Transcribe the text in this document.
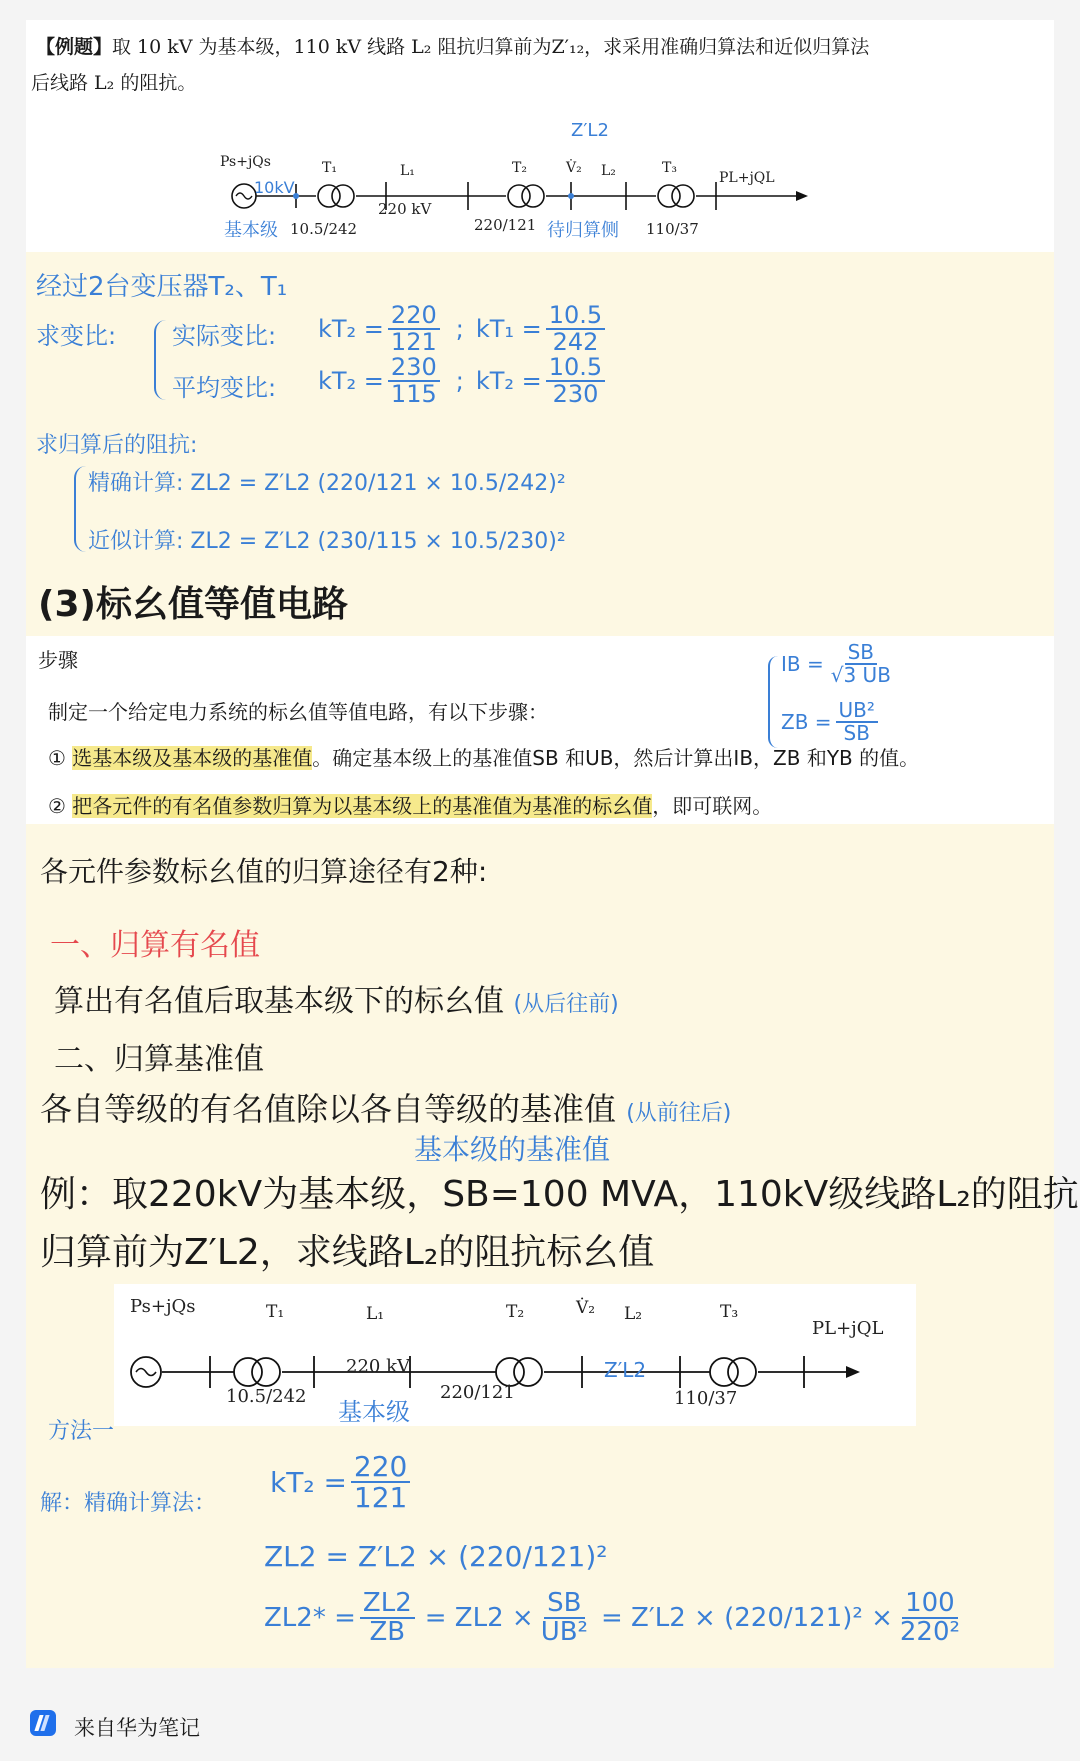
【例题】取 10 kV 为基本级，110 kV 线路 L₂ 阻抗归算前为Z′₁₂，求采用准确归算法和近似归算法
后线路 L₂ 的阻抗。
Ps+jQs
10kV
T₁	L₁
220 kV
T₂	V̇₂ L₂	T₃
PL+jQL
Z′L2
基本级 10.5/242	220/121 待归算侧 110/37
经过2台变压器T₂、T₁
求变比: 实际变比: $kT_2 = \frac{220}{121}$ ; $kT_1 = \frac{10.5}{242}$
平均变比: $kT_2 = \frac{230}{115}$ ; $kT_2 = \frac{10.5}{230}$
求归算后的阻抗:
精确计算: ZL2 = Z′L2 (220/121 × 10.5/242)²
近似计算: ZL2 = Z′L2 (230/115 × 10.5/230)²
(3)标幺值等值电路
步骤
制定一个给定电力系统的标幺值等值电路，有以下步骤：
① 选基本级及基本级的基准值。确定基本级上的基准值SB 和UB，然后计算出IB，ZB 和YB 的值。
② 把各元件的有名值参数归算为以基本级上的基准值为基准的标幺值，即可联网。
IB = $\frac{SB}{√3 UB}$
ZB = $\frac{\text{UB²}}{SB}$
各元件参数标幺值的归算途径有2种:
一、归算有名值
算出有名值后取基本级下的标幺值 (从后往前)
二、归算基准值
各自等级的有名值除以各自等级的基准值 (从前往后)
基本级的基准值
例：取220kV为基本级，SB=100 MVA，110kV级线路L₂的阻抗
归算前为Z′L2，求线路L₂的阻抗标幺值
Ps+jQs	T₁	L₁
220 kV
T₂	V̇₂ L₂	T₃
PL+jQL
Z′L2
10.5/242
基本级
220/121	110/37
方法一
解：精确计算法：
$kT_2 = \frac{220}{121}$
ZL2 = Z′L2 × (220/121)²
$ZL2* = \frac{ZL2}{ZB} = ZL2 \times \frac{SB}{\text{UB²}} = Z'L2 \times (220/121)^2 \times \frac{100}{\text{220²}}$
来自华为笔记
